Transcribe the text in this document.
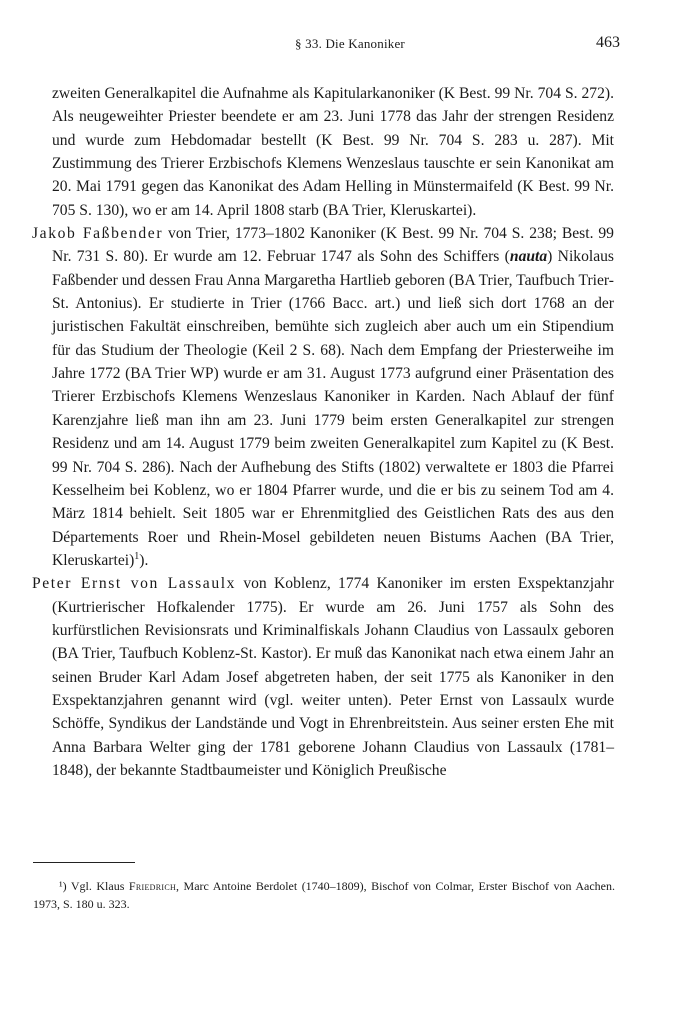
§ 33. Die Kanoniker	463

zweiten Generalkapitel die Aufnahme als Kapitularkanoniker (K Best. 99 Nr. 704 S. 272). Als neugeweihter Priester beendete er am 23. Juni 1778 das Jahr der strengen Residenz und wurde zum Hebdomadar bestellt (K Best. 99 Nr. 704 S. 283 u. 287). Mit Zustimmung des Trierer Erzbischofs Klemens Wenzeslaus tauschte er sein Kanonikat am 20. Mai 1791 gegen das Kanonikat des Adam Helling in Münstermaifeld (K Best. 99 Nr. 705 S. 130), wo er am 14. April 1808 starb (BA Trier, Kleruskartei).

Jakob Faßbender von Trier, 1773–1802 Kanoniker (K Best. 99 Nr. 704 S. 238; Best. 99 Nr. 731 S. 80). Er wurde am 12. Februar 1747 als Sohn des Schiffers (nauta) Nikolaus Faßbender und dessen Frau Anna Margaretha Hartlieb geboren (BA Trier, Taufbuch Trier-St. Antonius). Er studierte in Trier (1766 Bacc. art.) und ließ sich dort 1768 an der juristischen Fakultät einschreiben, bemühte sich zugleich aber auch um ein Stipendium für das Studium der Theologie (Keil 2 S. 68). Nach dem Empfang der Priesterweihe im Jahre 1772 (BA Trier WP) wurde er am 31. August 1773 aufgrund einer Präsentation des Trierer Erzbischofs Klemens Wenzeslaus Kanoniker in Karden. Nach Ablauf der fünf Karenzjahre ließ man ihn am 23. Juni 1779 beim ersten Generalkapitel zur strengen Residenz und am 14. August 1779 beim zweiten Generalkapitel zum Kapitel zu (K Best. 99 Nr. 704 S. 286). Nach der Aufhebung des Stifts (1802) verwaltete er 1803 die Pfarrei Kesselheim bei Koblenz, wo er 1804 Pfarrer wurde, und die er bis zu seinem Tod am 4. März 1814 behielt. Seit 1805 war er Ehrenmitglied des Geistlichen Rats des aus den Départements Roer und Rhein-Mosel gebildeten neuen Bistums Aachen (BA Trier, Kleruskartei)$^1$).

Peter Ernst von Lassaulx von Koblenz, 1774 Kanoniker im ersten Exspektanzjahr (Kurtrierischer Hofkalender 1775). Er wurde am 26. Juni 1757 als Sohn des kurfürstlichen Revisionsrats und Kriminalfiskals Johann Claudius von Lassaulx geboren (BA Trier, Taufbuch Koblenz-St. Kastor). Er muß das Kanonikat nach etwa einem Jahr an seinen Bruder Karl Adam Josef abgetreten haben, der seit 1775 als Kanoniker in den Exspektanzjahren genannt wird (vgl. weiter unten). Peter Ernst von Lassaulx wurde Schöffe, Syndikus der Landstände und Vogt in Ehrenbreitstein. Aus seiner ersten Ehe mit Anna Barbara Welter ging der 1781 geborene Johann Claudius von Lassaulx (1781–1848), der bekannte Stadtbaumeister und Königlich Preußische

¹) Vgl. Klaus Friedrich, Marc Antoine Berdolet (1740–1809), Bischof von Colmar, Erster Bischof von Aachen. 1973, S. 180 u. 323.
